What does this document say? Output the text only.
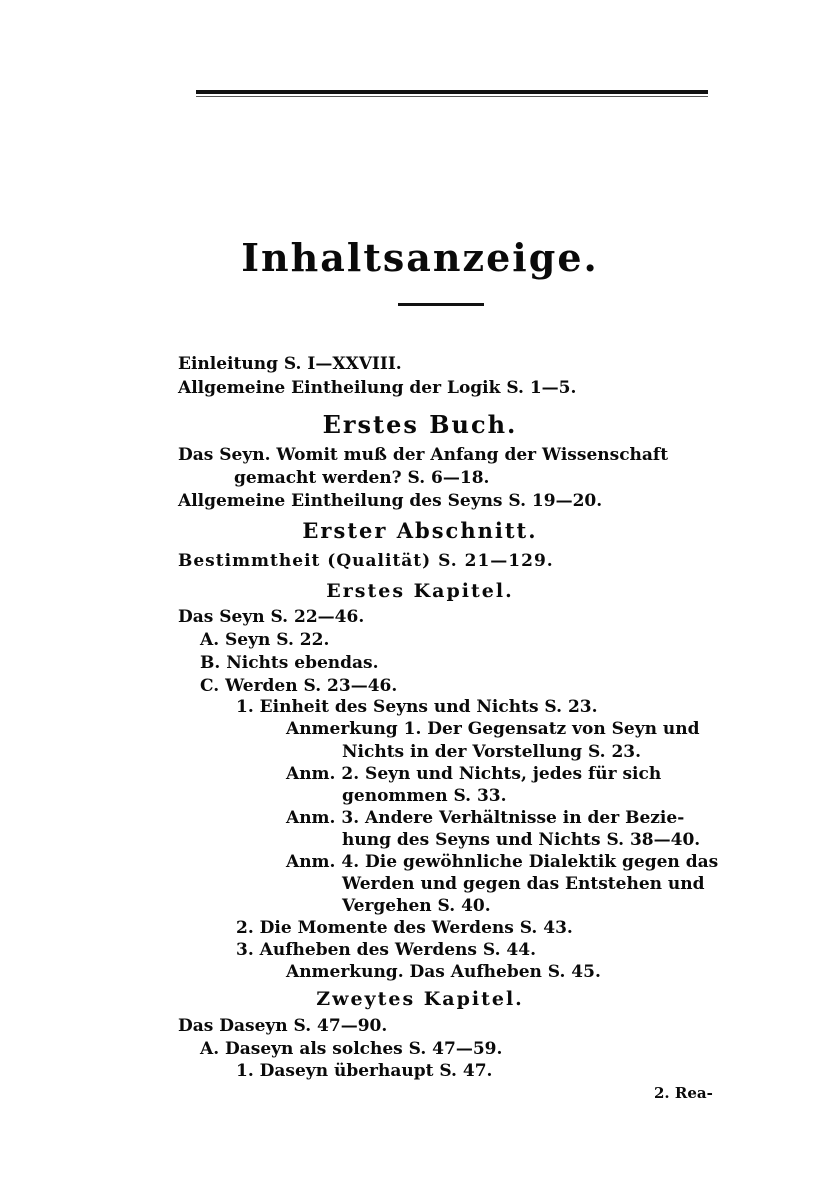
Inhaltsanzeige.
Einleitung S. I—XXVIII.
Allgemeine Eintheilung der Logik S. 1—5.
Erstes Buch.
Das Seyn. Womit muß der Anfang der Wissenschaft
gemacht werden? S. 6—18.
Allgemeine Eintheilung des Seyns S. 19—20.
Erster Abschnitt.
Bestimmtheit (Qualität) S. 21—129.
Erstes Kapitel.
Das Seyn S. 22—46.
A. Seyn S. 22.
B. Nichts ebendas.
C. Werden S. 23—46.
1. Einheit des Seyns und Nichts S. 23.
Anmerkung 1. Der Gegensatz von Seyn und
Nichts in der Vorstellung S. 23.
Anm. 2. Seyn und Nichts, jedes für sich
genommen S. 33.
Anm. 3. Andere Verhältnisse in der Bezie-
hung des Seyns und Nichts S. 38—40.
Anm. 4. Die gewöhnliche Dialektik gegen das
Werden und gegen das Entstehen und
Vergehen S. 40.
2. Die Momente des Werdens S. 43.
3. Aufheben des Werdens S. 44.
Anmerkung. Das Aufheben S. 45.
Zweytes Kapitel.
Das Daseyn S. 47—90.
A. Daseyn als solches S. 47—59.
1. Daseyn überhaupt S. 47.
2. Rea-
